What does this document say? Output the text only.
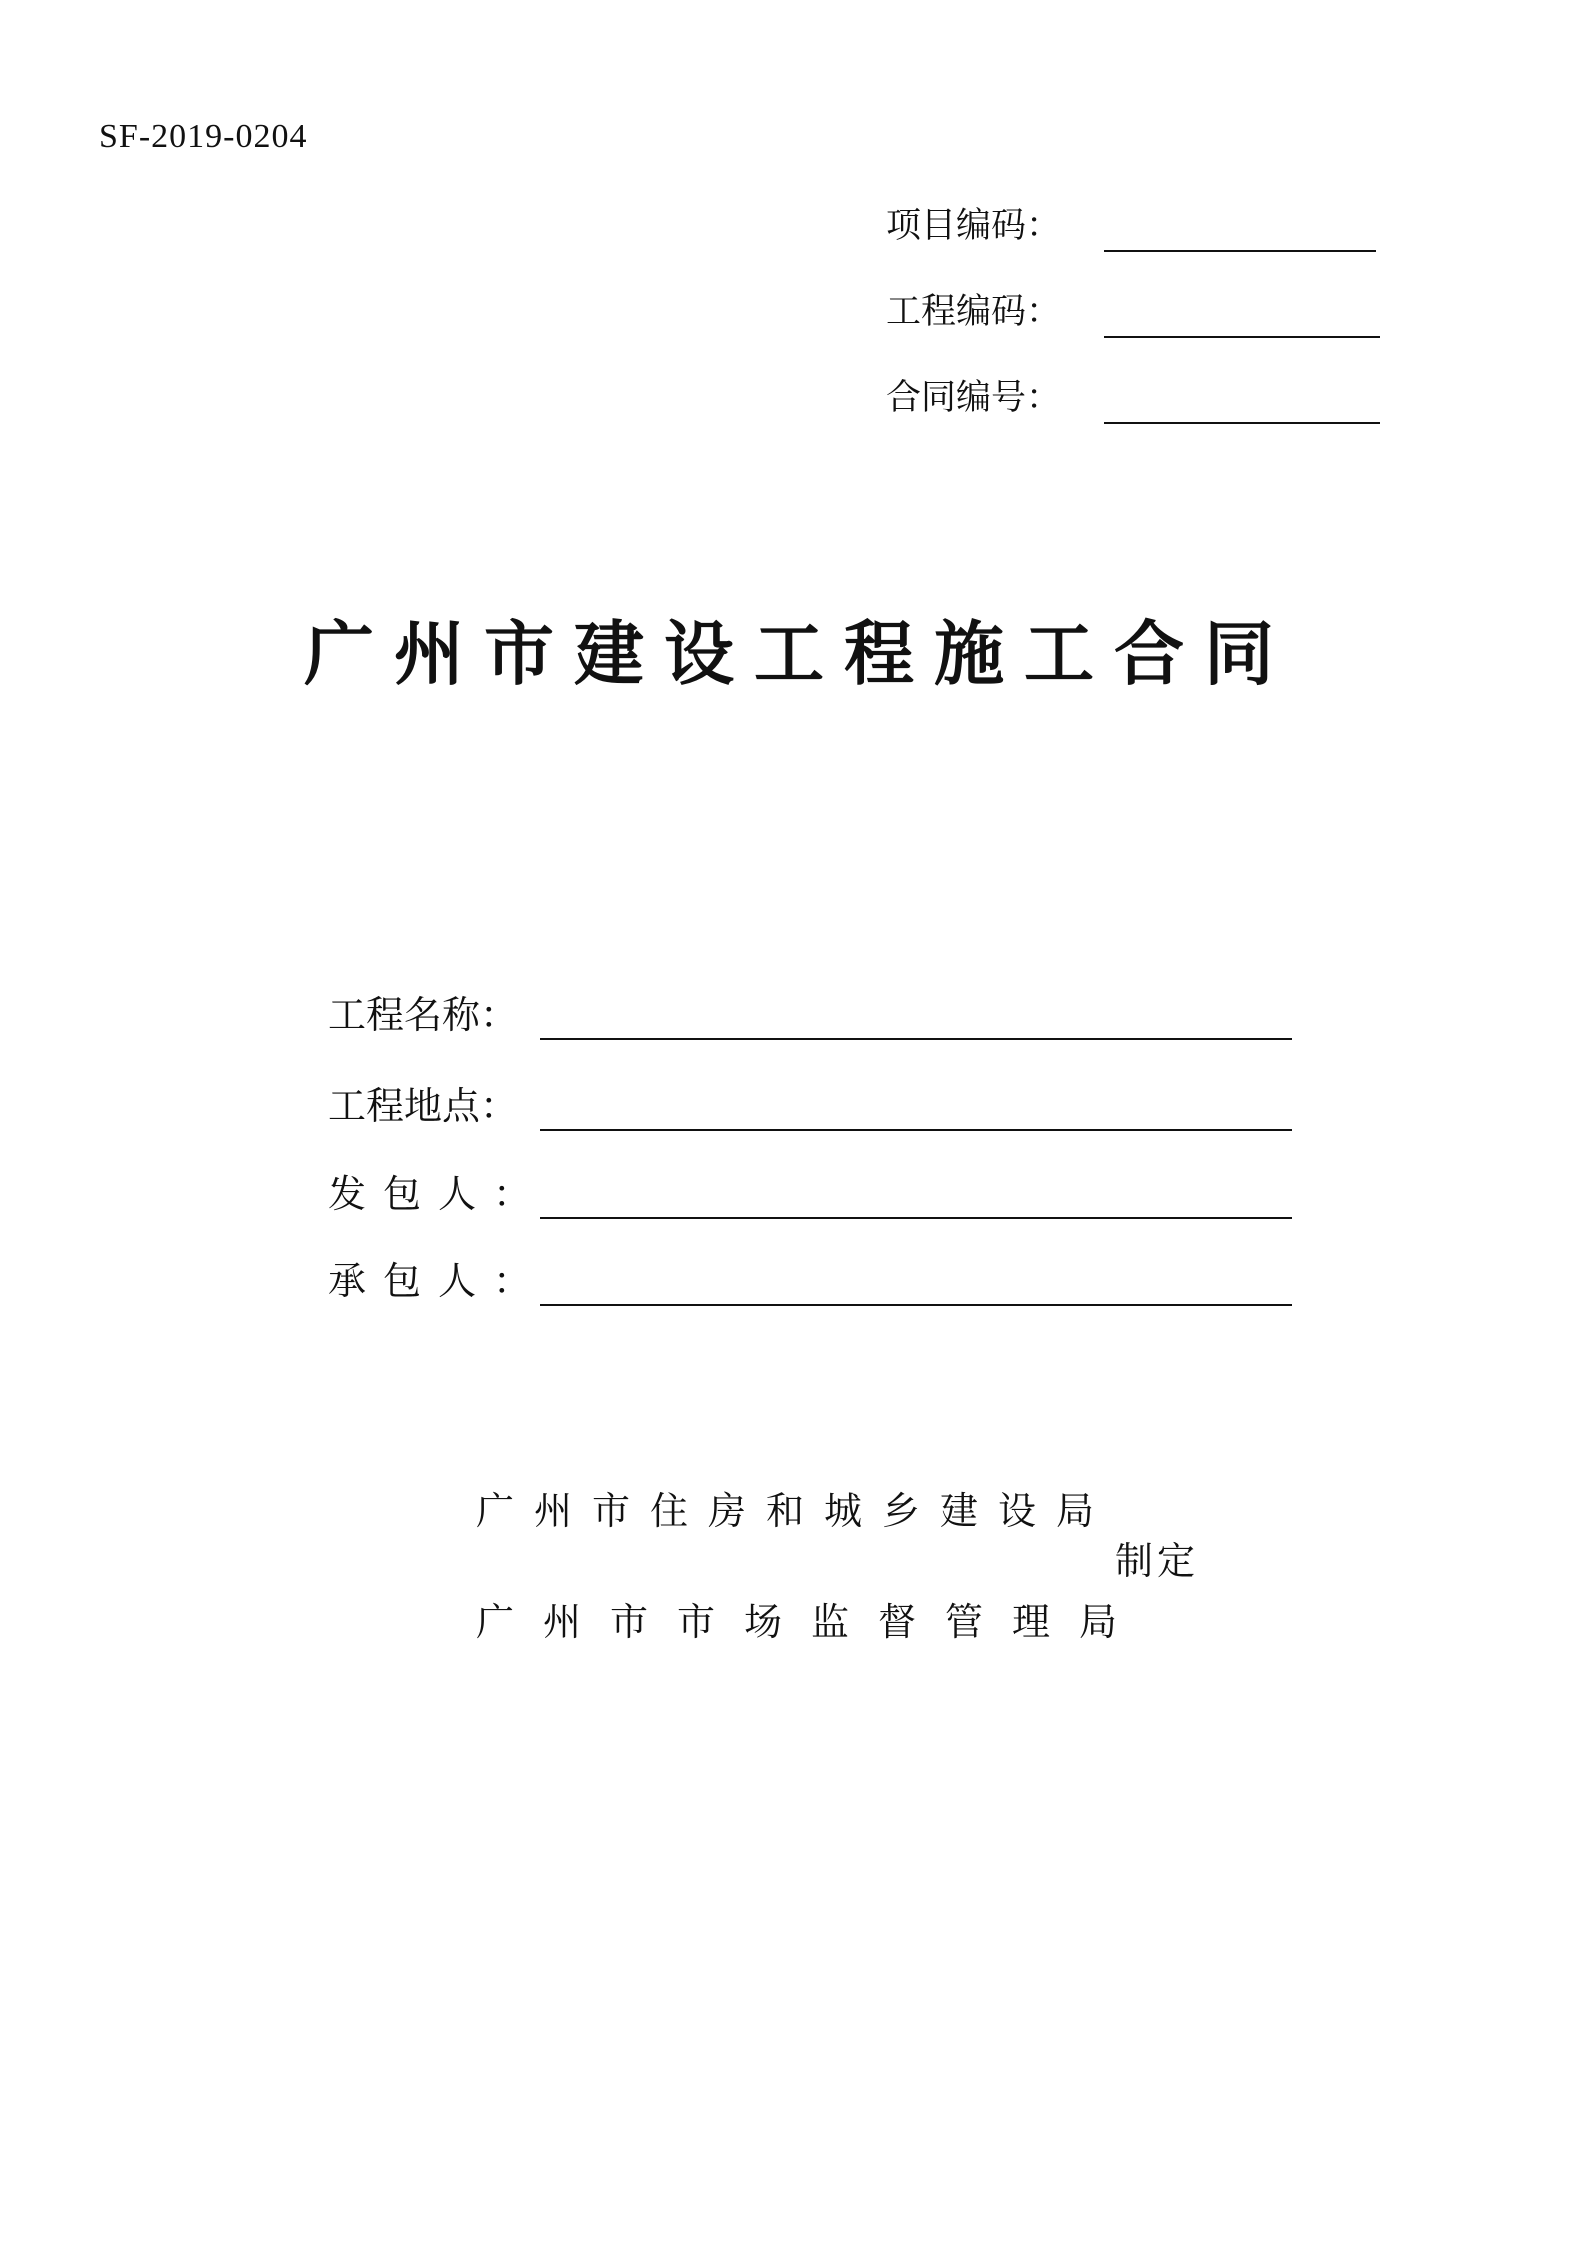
SF-2019-0204
项目编码：
工程编码：
合同编号：
广州市建设工程施工合同
工程名称：
工程地点：
发包人：
承包人：
广州市住房和城乡建设局
制定
广州市市场监督管理局
